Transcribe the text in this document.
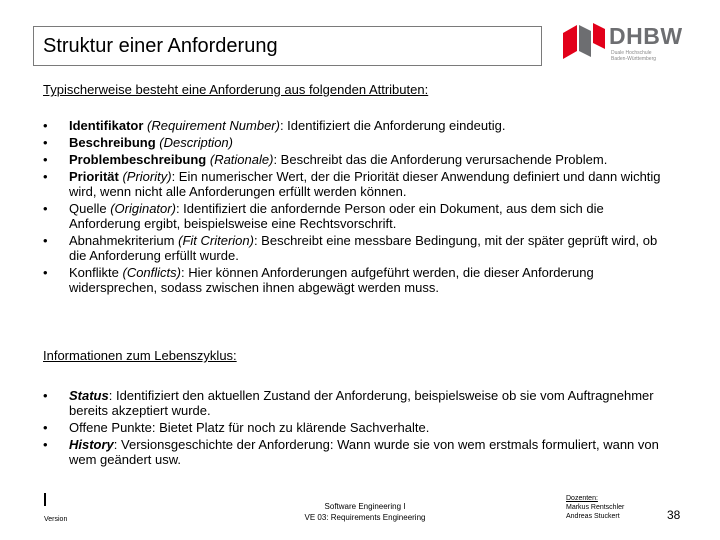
Struktur einer Anforderung	DHBW
Duale Hochschule
Baden-Württemberg
Typischerweise besteht eine Anforderung aus folgenden Attributen:
• Identifikator (Requirement Number): Identifiziert die Anforderung eindeutig.
• Beschreibung (Description)
• Problembeschreibung (Rationale): Beschreibt das die Anforderung verursachende Problem.
• Priorität (Priority): Ein numerischer Wert, der die Priorität dieser Anwendung definiert und dann wichtig wird, wenn nicht alle Anforderungen erfüllt werden können.
• Quelle (Originator): Identifiziert die anfordernde Person oder ein Dokument, aus dem sich die Anforderung ergibt, beispielsweise eine Rechtsvorschrift.
• Abnahmekriterium (Fit Criterion): Beschreibt eine messbare Bedingung, mit der später geprüft wird, ob die Anforderung erfüllt wurde.
• Konflikte (Conflicts): Hier können Anforderungen aufgeführt werden, die dieser Anforderung widersprechen, sodass zwischen ihnen abgewägt werden muss.
Informationen zum Lebenszyklus:
• Status: Identifiziert den aktuellen Zustand der Anforderung, beispielsweise ob sie vom Auftragnehmer bereits akzeptiert wurde.
• Offene Punkte: Bietet Platz für noch zu klärende Sachverhalte.
• History: Versionsgeschichte der Anforderung: Wann wurde sie von wem erstmals formuliert, wann von wem geändert usw.
Version
Software Engineering I
VE 03: Requirements Engineering
Dozenten:
Markus Rentschler
Andreas Stuckert	38
